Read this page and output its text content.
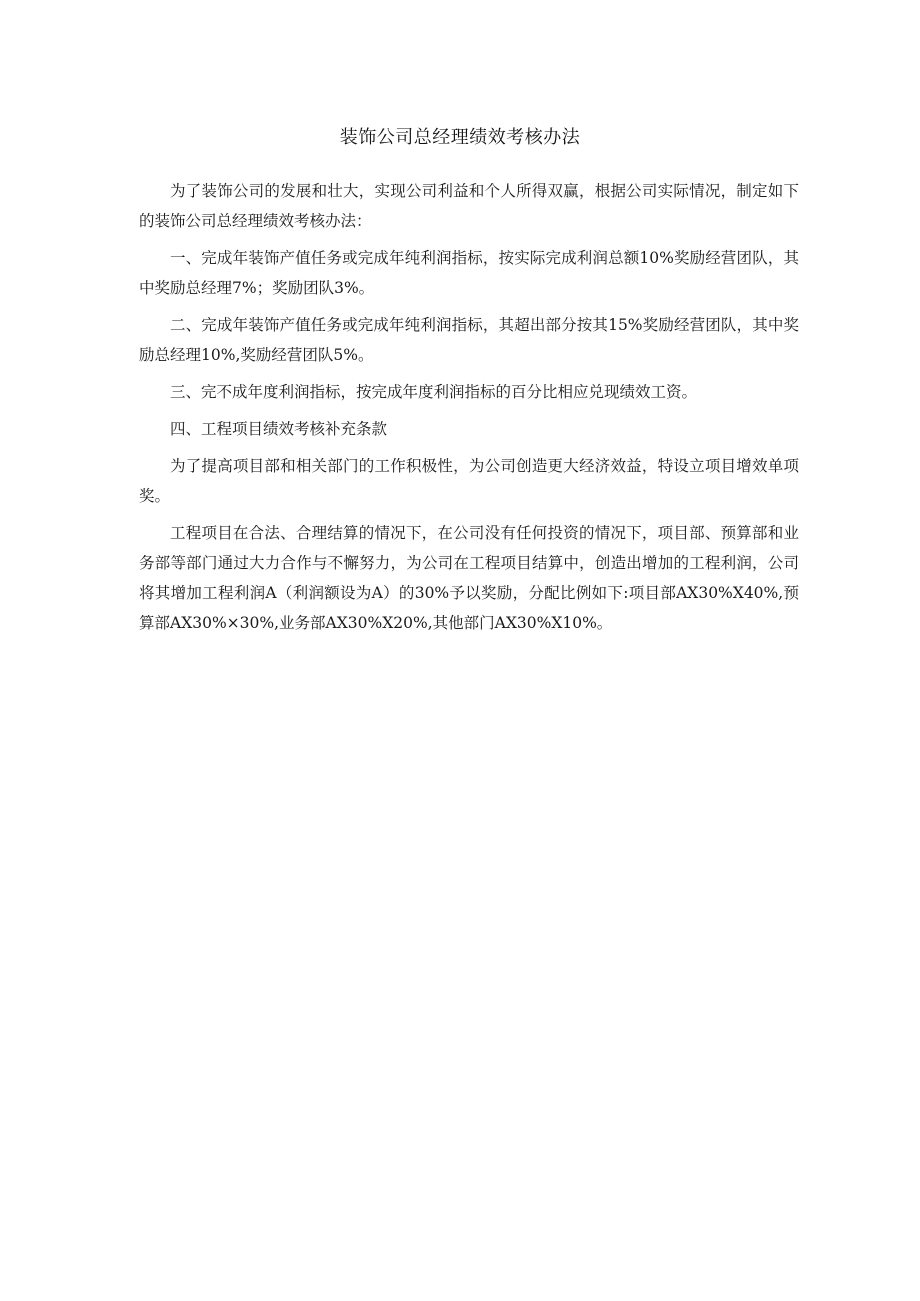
装饰公司总经理绩效考核办法

为了装饰公司的发展和壮大，实现公司利益和个人所得双赢，根据公司实际情况，制定如下的装饰公司总经理绩效考核办法：

一、完成年装饰产值任务或完成年纯利润指标，按实际完成利润总额10%奖励经营团队，其中奖励总经理7%；奖励团队3%。

二、完成年装饰产值任务或完成年纯利润指标，其超出部分按其15%奖励经营团队，其中奖励总经理10%,奖励经营团队5%。

三、完不成年度利润指标，按完成年度利润指标的百分比相应兑现绩效工资。

四、工程项目绩效考核补充条款

为了提高项目部和相关部门的工作积极性，为公司创造更大经济效益，特设立项目增效单项奖。

工程项目在合法、合理结算的情况下，在公司没有任何投资的情况下，项目部、预算部和业务部等部门通过大力合作与不懈努力，为公司在工程项目结算中，创造出增加的工程利润，公司将其增加工程利润A（利润额设为A）的30%予以奖励，分配比例如下:项目部AX30%X40%,预算部AX30%×30%,业务部AX30%X20%,其他部门AX30%X10%。
